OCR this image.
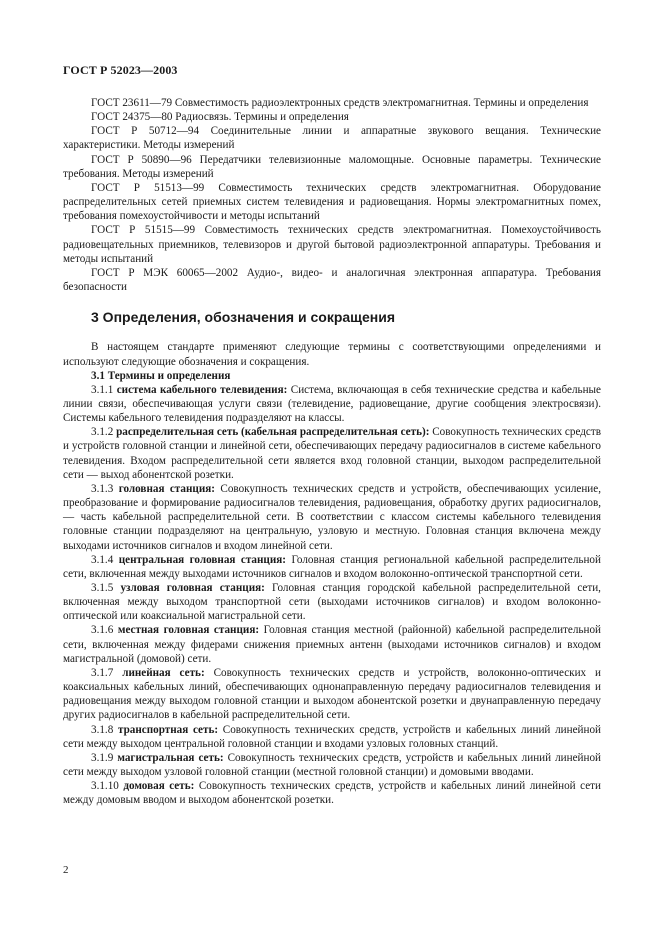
ГОСТ Р 52023—2003

ГОСТ 23611—79 Совместимость радиоэлектронных средств электромагнитная. Термины и определения

ГОСТ 24375—80 Радиосвязь. Термины и определения

ГОСТ Р 50712—94 Соединительные линии и аппаратные звукового вещания. Технические характеристики. Методы измерений

ГОСТ Р 50890—96 Передатчики телевизионные маломощные. Основные параметры. Технические требования. Методы измерений

ГОСТ Р 51513—99 Совместимость технических средств электромагнитная. Оборудование распределительных сетей приемных систем телевидения и радиовещания. Нормы электромагнитных помех, требования помехоустойчивости и методы испытаний

ГОСТ Р 51515—99 Совместимость технических средств электромагнитная. Помехоустойчивость радиовещательных приемников, телевизоров и другой бытовой радиоэлектронной аппаратуры. Требования и методы испытаний

ГОСТ Р МЭК 60065—2002 Аудио-, видео- и аналогичная электронная аппаратура. Требования безопасности

3 Определения, обозначения и сокращения

В настоящем стандарте применяют следующие термины с соответствующими определениями и используют следующие обозначения и сокращения.

3.1 Термины и определения

3.1.1 система кабельного телевидения: Система, включающая в себя технические средства и кабельные линии связи, обеспечивающая услуги связи (телевидение, радиовещание, другие сообщения электросвязи). Системы кабельного телевидения подразделяют на классы.

3.1.2 распределительная сеть (кабельная распределительная сеть): Совокупность технических средств и устройств головной станции и линейной сети, обеспечивающих передачу радиосигналов в системе кабельного телевидения. Входом распределительной сети является вход головной станции, выходом распределительной сети — выход абонентской розетки.

3.1.3 головная станция: Совокупность технических средств и устройств, обеспечивающих усиление, преобразование и формирование радиосигналов телевидения, радиовещания, обработку других радиосигналов, — часть кабельной распределительной сети. В соответствии с классом системы кабельного телевидения головные станции подразделяют на центральную, узловую и местную. Головная станция включена между выходами источников сигналов и входом линейной сети.

3.1.4 центральная головная станция: Головная станция региональной кабельной распределительной сети, включенная между выходами источников сигналов и входом волоконно-оптической транспортной сети.

3.1.5 узловая головная станция: Головная станция городской кабельной распределительной сети, включенная между выходом транспортной сети (выходами источников сигналов) и входом волоконно-оптической или коаксиальной магистральной сети.

3.1.6 местная головная станция: Головная станция местной (районной) кабельной распределительной сети, включенная между фидерами снижения приемных антенн (выходами источников сигналов) и входом магистральной (домовой) сети.

3.1.7 линейная сеть: Совокупность технических средств и устройств, волоконно-оптических и коаксиальных кабельных линий, обеспечивающих однонаправленную передачу радиосигналов телевидения и радиовещания между выходом головной станции и выходом абонентской розетки и двунаправленную передачу других радиосигналов в кабельной распределительной сети.

3.1.8 транспортная сеть: Совокупность технических средств, устройств и кабельных линий линейной сети между выходом центральной головной станции и входами узловых головных станций.

3.1.9 магистральная сеть: Совокупность технических средств, устройств и кабельных линий линейной сети между выходом узловой головной станции (местной головной станции) и домовыми вводами.

3.1.10 домовая сеть: Совокупность технических средств, устройств и кабельных линий линейной сети между домовым вводом и выходом абонентской розетки.

2
